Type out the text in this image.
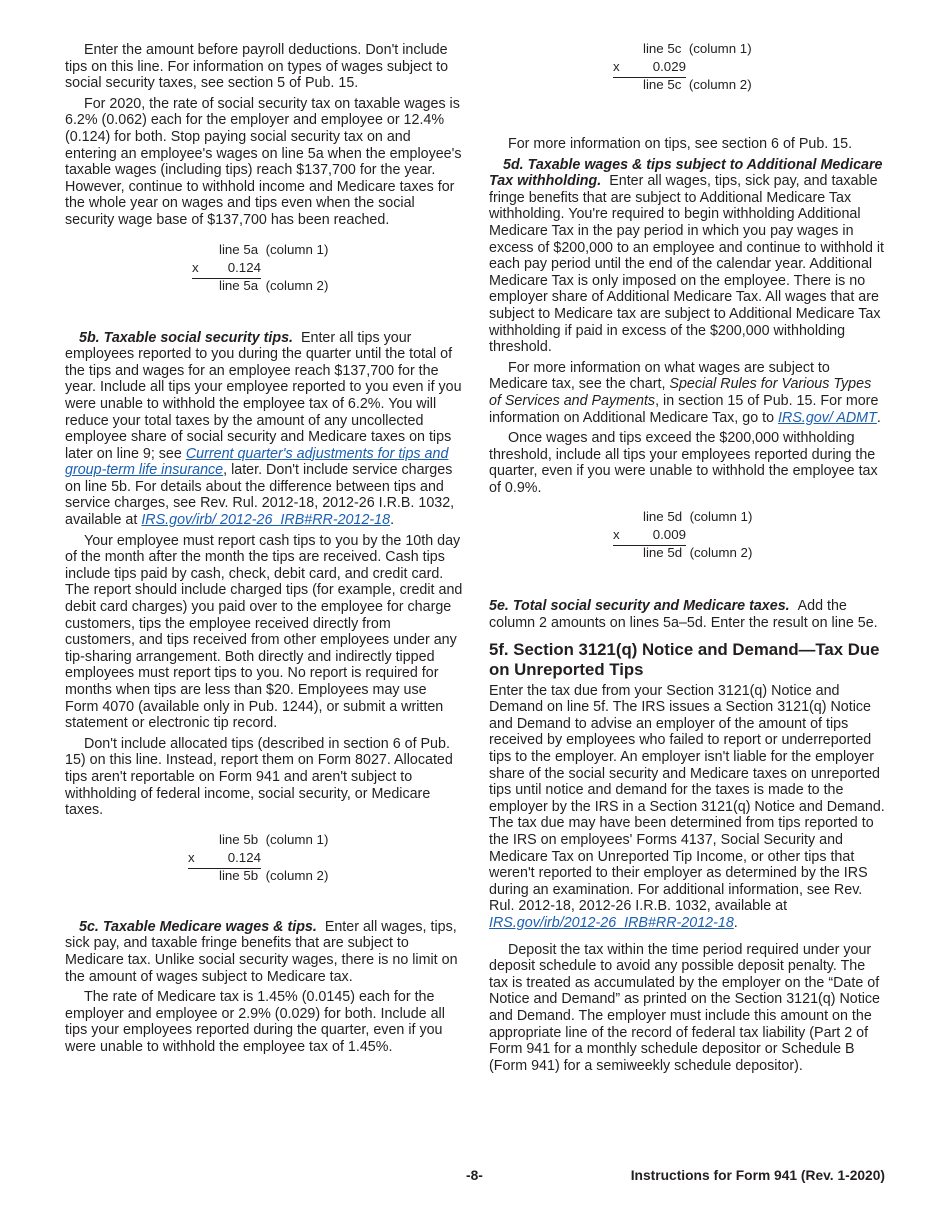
Enter the amount before payroll deductions. Don't include tips on this line. For information on types of wages subject to social security taxes, see section 5 of Pub. 15.

For 2020, the rate of social security tax on taxable wages is 6.2% (0.062) each for the employer and employee or 12.4% (0.124) for both. Stop paying social security tax on and entering an employee's wages on line 5a when the employee's taxable wages (including tips) reach $137,700 for the year. However, continue to withhold income and Medicare taxes for the whole year on wages and tips even when the social security wage base of $137,700 has been reached.

line 5a  (column 1)
x 0.124
line 5a  (column 2)

5b. Taxable social security tips. Enter all tips your employees reported to you during the quarter until the total of the tips and wages for an employee reach $137,700 for the year. Include all tips your employee reported to you even if you were unable to withhold the employee tax of 6.2%. You will reduce your total taxes by the amount of any uncollected employee share of social security and Medicare taxes on tips later on line 9; see Current quarter's adjustments for tips and group-term life insurance, later. Don't include service charges on line 5b. For details about the difference between tips and service charges, see Rev. Rul. 2012-18, 2012-26 I.R.B. 1032, available at IRS.gov/irb/ 2012-26_IRB#RR-2012-18.

Your employee must report cash tips to you by the 10th day of the month after the month the tips are received. Cash tips include tips paid by cash, check, debit card, and credit card. The report should include charged tips (for example, credit and debit card charges) you paid over to the employee for charge customers, tips the employee received directly from customers, and tips received from other employees under any tip-sharing arrangement. Both directly and indirectly tipped employees must report tips to you. No report is required for months when tips are less than $20. Employees may use Form 4070 (available only in Pub. 1244), or submit a written statement or electronic tip record.

Don't include allocated tips (described in section 6 of Pub. 15) on this line. Instead, report them on Form 8027. Allocated tips aren't reportable on Form 941 and aren't subject to withholding of federal income, social security, or Medicare taxes.

line 5b  (column 1)
x 0.124
line 5b  (column 2)

5c. Taxable Medicare wages & tips. Enter all wages, tips, sick pay, and taxable fringe benefits that are subject to Medicare tax. Unlike social security wages, there is no limit on the amount of wages subject to Medicare tax.

The rate of Medicare tax is 1.45% (0.0145) each for the employer and employee or 2.9% (0.029) for both. Include all tips your employees reported during the quarter, even if you were unable to withhold the employee tax of 1.45%.

line 5c  (column 1)
x 0.029
line 5c  (column 2)

For more information on tips, see section 6 of Pub. 15.

5d. Taxable wages & tips subject to Additional Medicare Tax withholding. Enter all wages, tips, sick pay, and taxable fringe benefits that are subject to Additional Medicare Tax withholding. You're required to begin withholding Additional Medicare Tax in the pay period in which you pay wages in excess of $200,000 to an employee and continue to withhold it each pay period until the end of the calendar year. Additional Medicare Tax is only imposed on the employee. There is no employer share of Additional Medicare Tax. All wages that are subject to Medicare tax are subject to Additional Medicare Tax withholding if paid in excess of the $200,000 withholding threshold.

For more information on what wages are subject to Medicare tax, see the chart, Special Rules for Various Types of Services and Payments, in section 15 of Pub. 15. For more information on Additional Medicare Tax, go to IRS.gov/ ADMT.

Once wages and tips exceed the $200,000 withholding threshold, include all tips your employees reported during the quarter, even if you were unable to withhold the employee tax of 0.9%.

line 5d  (column 1)
x 0.009
line 5d  (column 2)

5e. Total social security and Medicare taxes. Add the column 2 amounts on lines 5a–5d. Enter the result on line 5e.

5f. Section 3121(q) Notice and Demand—Tax Due on Unreported Tips

Enter the tax due from your Section 3121(q) Notice and Demand on line 5f. The IRS issues a Section 3121(q) Notice and Demand to advise an employer of the amount of tips received by employees who failed to report or underreported tips to the employer. An employer isn't liable for the employer share of the social security and Medicare taxes on unreported tips until notice and demand for the taxes is made to the employer by the IRS in a Section 3121(q) Notice and Demand. The tax due may have been determined from tips reported to the IRS on employees' Forms 4137, Social Security and Medicare Tax on Unreported Tip Income, or other tips that weren't reported to their employer as determined by the IRS during an examination. For additional information, see Rev. Rul. 2012-18, 2012-26 I.R.B. 1032, available at IRS.gov/irb/2012-26_IRB#RR-2012-18.

Deposit the tax within the time period required under your deposit schedule to avoid any possible deposit penalty. The tax is treated as accumulated by the employer on the “Date of Notice and Demand” as printed on the Section 3121(q) Notice and Demand. The employer must include this amount on the appropriate line of the record of federal tax liability (Part 2 of Form 941 for a monthly schedule depositor or Schedule B (Form 941) for a semiweekly schedule depositor).

-8-	Instructions for Form 941 (Rev. 1-2020)
